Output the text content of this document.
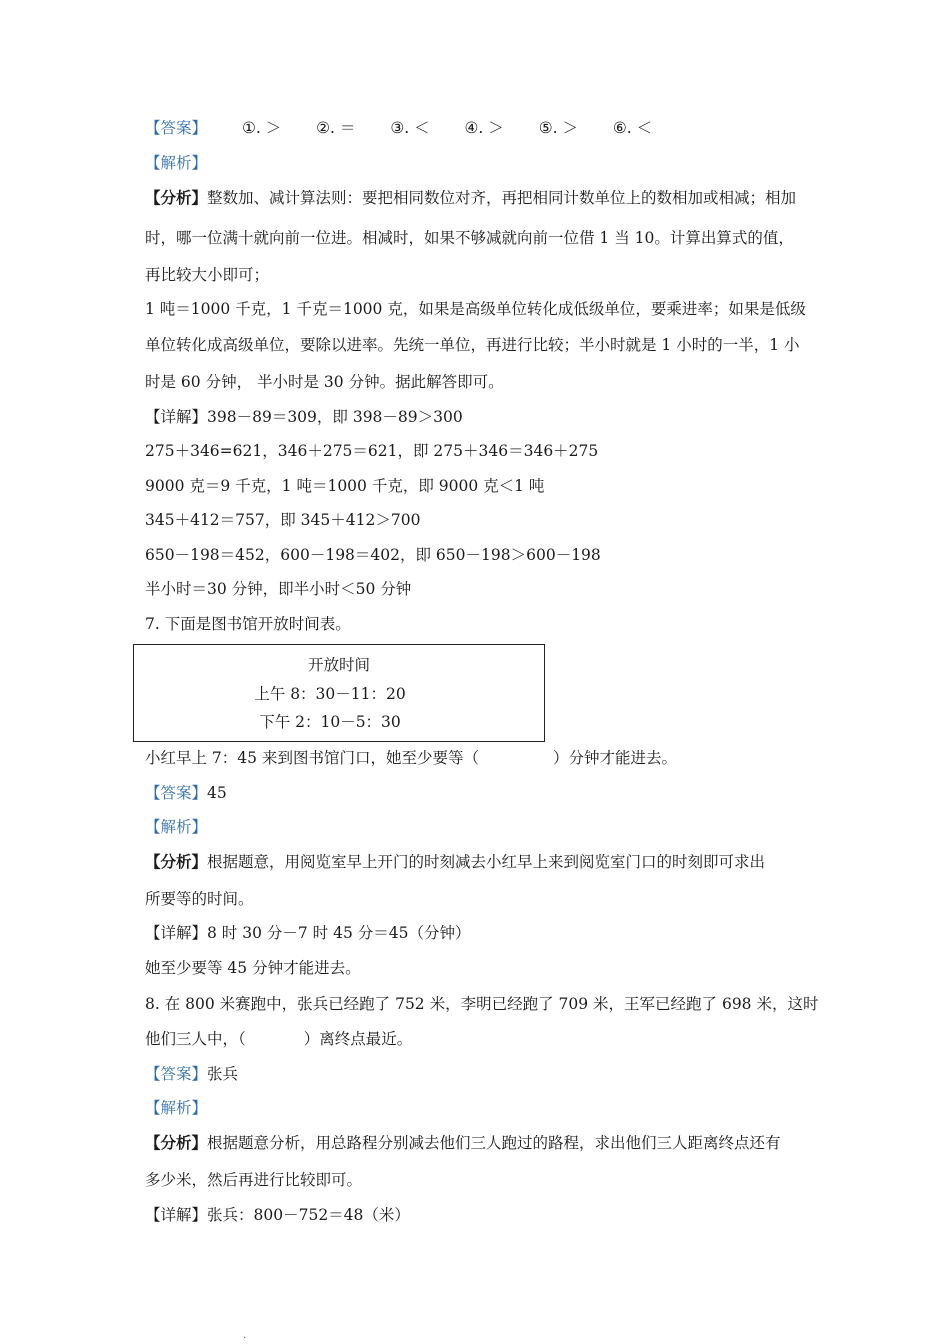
【答案】 ①. ＞ ②. ＝ ③. ＜ ④. ＞ ⑤. ＞ ⑥. ＜
【解析】
【分析】整数加、减计算法则：要把相同数位对齐，再把相同计数单位上的数相加或相减；相加
时，哪一位满十就向前一位进。相减时，如果不够减就向前一位借 1 当 10。计算出算式的值，
再比较大小即可；
1 吨＝1000 千克，1 千克＝1000 克，如果是高级单位转化成低级单位，要乘进率；如果是低级
单位转化成高级单位，要除以进率。先统一单位，再进行比较；半小时就是 1 小时的一半，1 小
时是 60 分钟， 半小时是 30 分钟。据此解答即可。
【详解】398－89＝309，即 398－89＞300
275＋346=621，346＋275＝621，即 275＋346＝346＋275
9000 克＝9 千克，1 吨＝1000 千克，即 9000 克＜1 吨
345＋412＝757，即 345＋412＞700
650－198＝452，600－198＝402，即 650－198＞600－198
半小时＝30 分钟，即半小时＜50 分钟
7. 下面是图书馆开放时间表。
开放时间
上午 8：30－11：20
下午 2：10－5：30
小红早上 7：45 来到图书馆门口，她至少要等（	）分钟才能进去。
【答案】45
【解析】
【分析】根据题意，用阅览室早上开门的时刻减去小红早上来到阅览室门口的时刻即可求出
所要等的时间。
【详解】8 时 30 分－7 时 45 分＝45（分钟）
她至少要等 45 分钟才能进去。
8. 在 800 米赛跑中，张兵已经跑了 752 米，李明已经跑了 709 米，王军已经跑了 698 米，这时
他们三人中，（	）离终点最近。
【答案】张兵
【解析】
【分析】根据题意分析，用总路程分别减去他们三人跑过的路程，求出他们三人距离终点还有
多少米，然后再进行比较即可。
【详解】张兵：800－752＝48（米）
.
